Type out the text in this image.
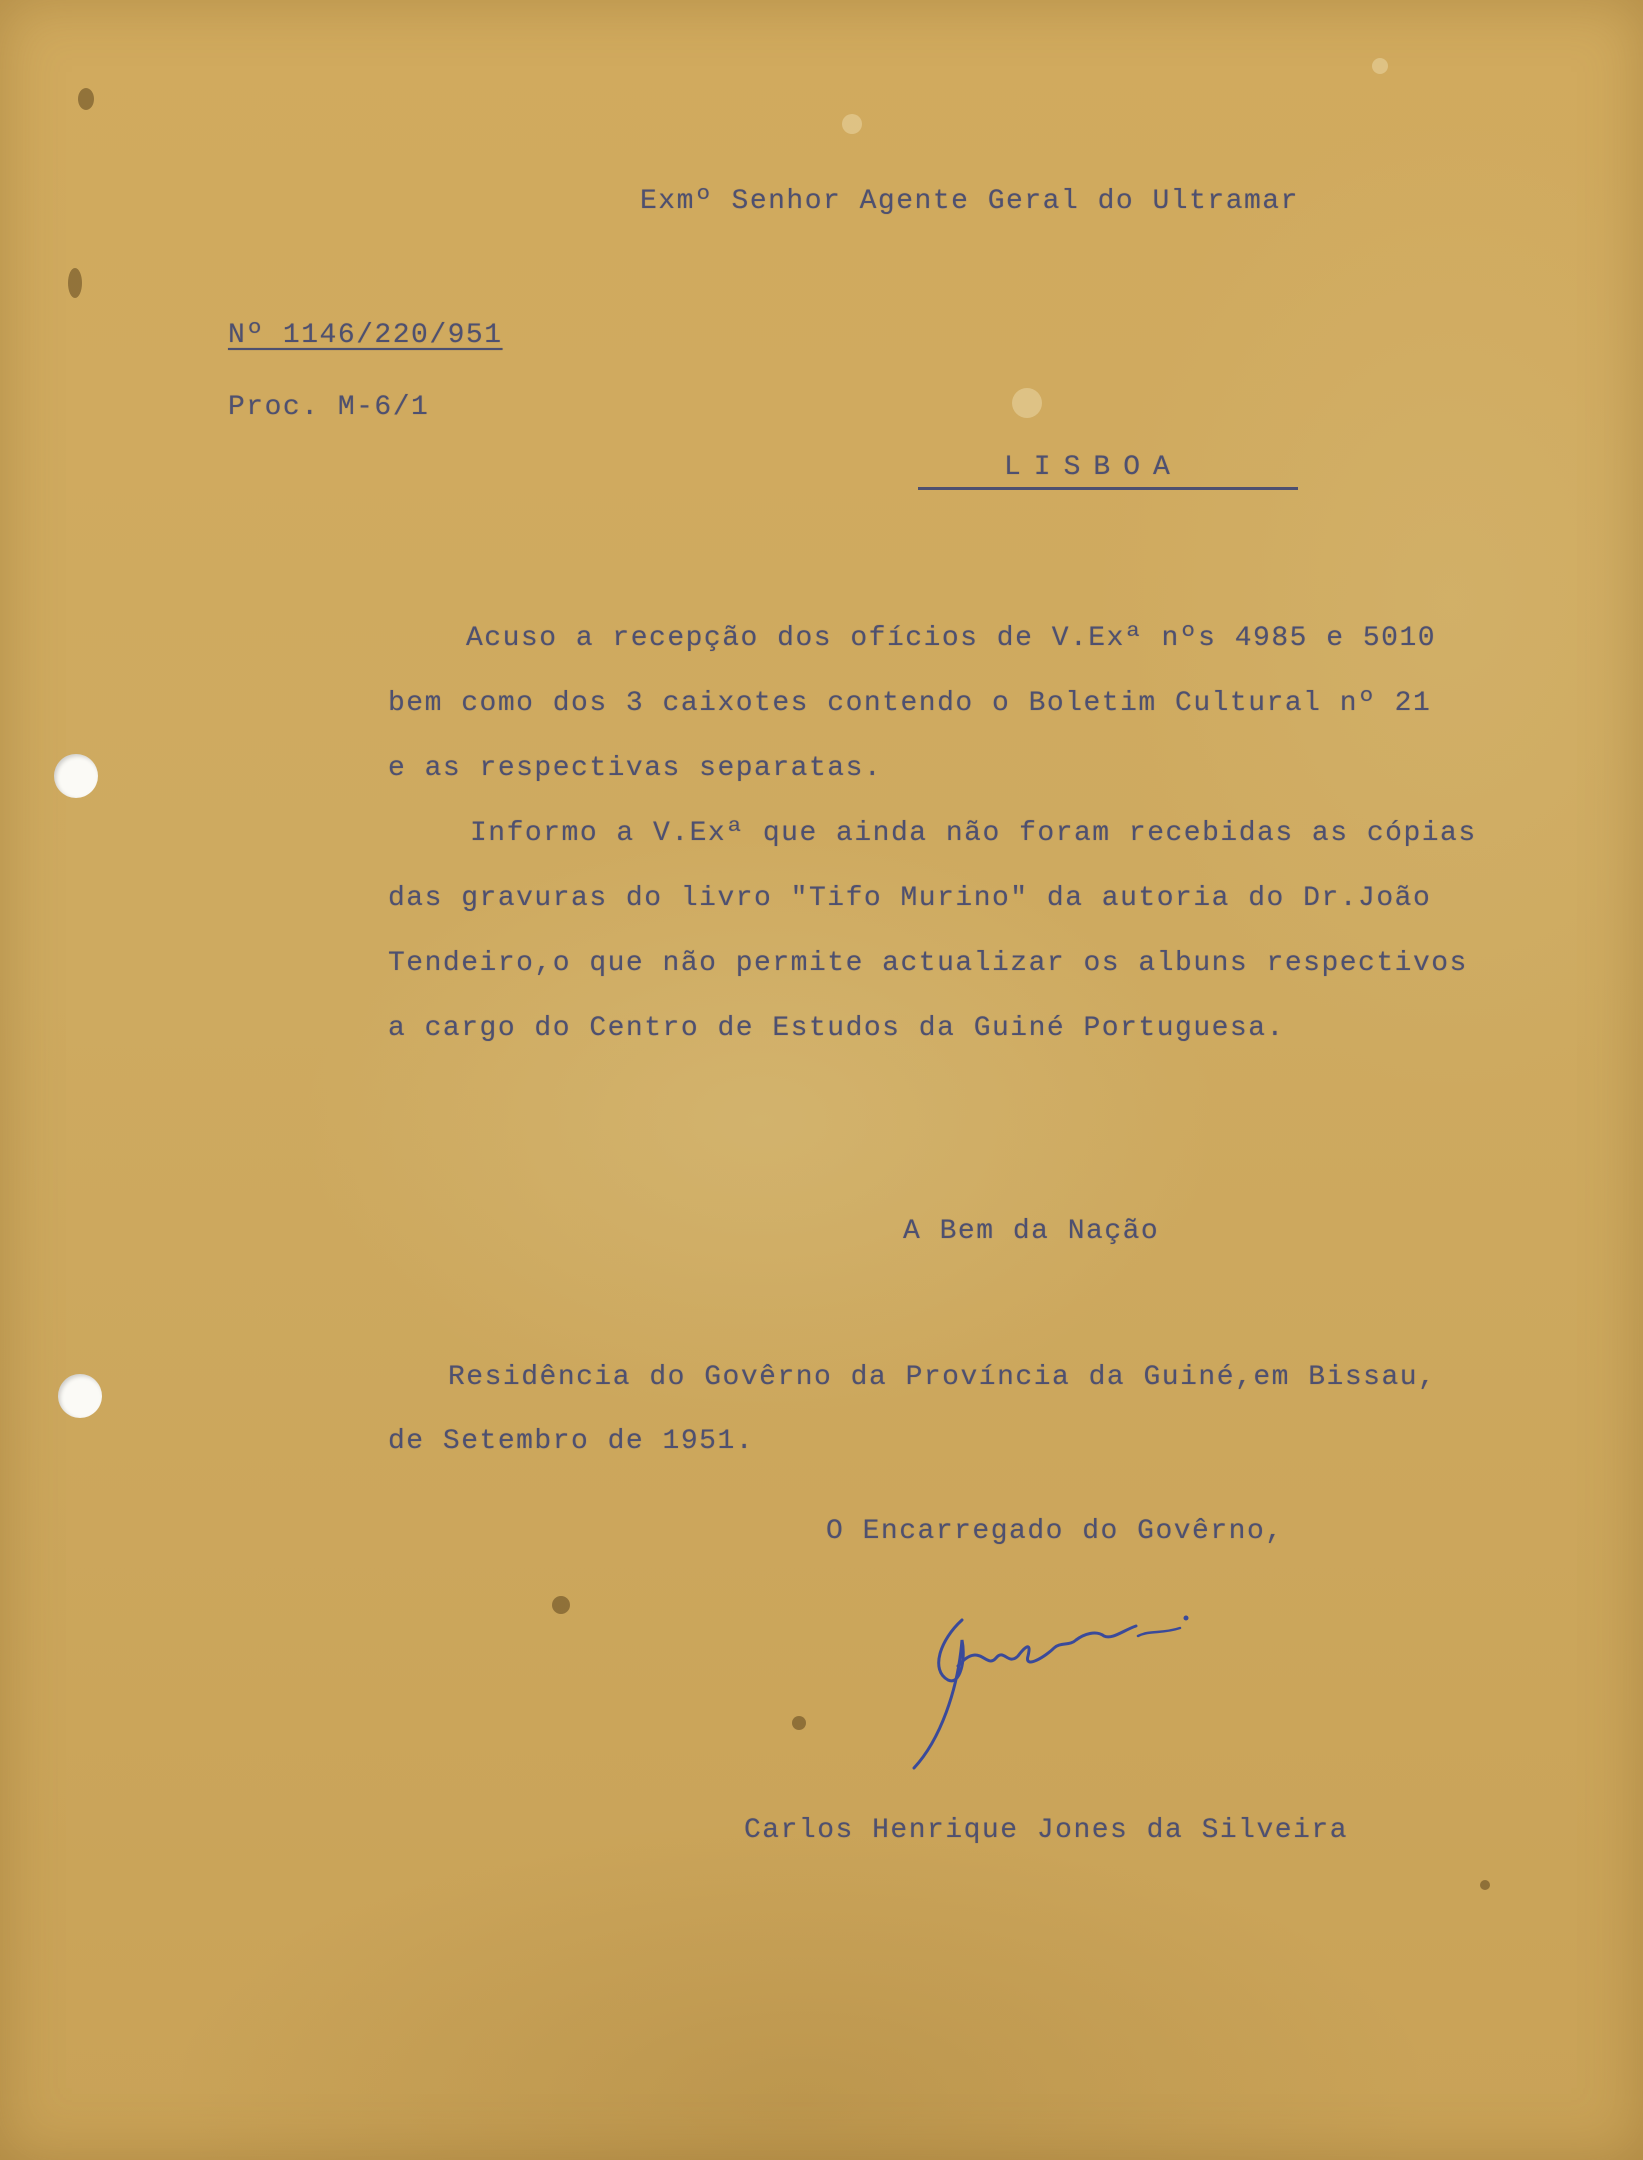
Exmº Senhor Agente Geral do Ultramar

Nº 1146/220/951

Proc. M-6/1

LISBOA

Acuso a recepção dos ofícios de V.Exª nºs 4985 e 5010
bem como dos 3 caixotes contendo o Boletim Cultural nº 21
e as respectivas separatas.
Informo a V.Exª que ainda não foram recebidas as cópias
das gravuras do livro "Tifo Murino" da autoria do Dr.João
Tendeiro,o que não permite actualizar os albuns respectivos
a cargo do Centro de Estudos da Guiné Portuguesa.

A Bem da Nação

Residência do Govêrno da Província da Guiné,em Bissau,
de Setembro de 1951.

O Encarregado do Govêrno,

Carlos Henrique Jones da Silveira
